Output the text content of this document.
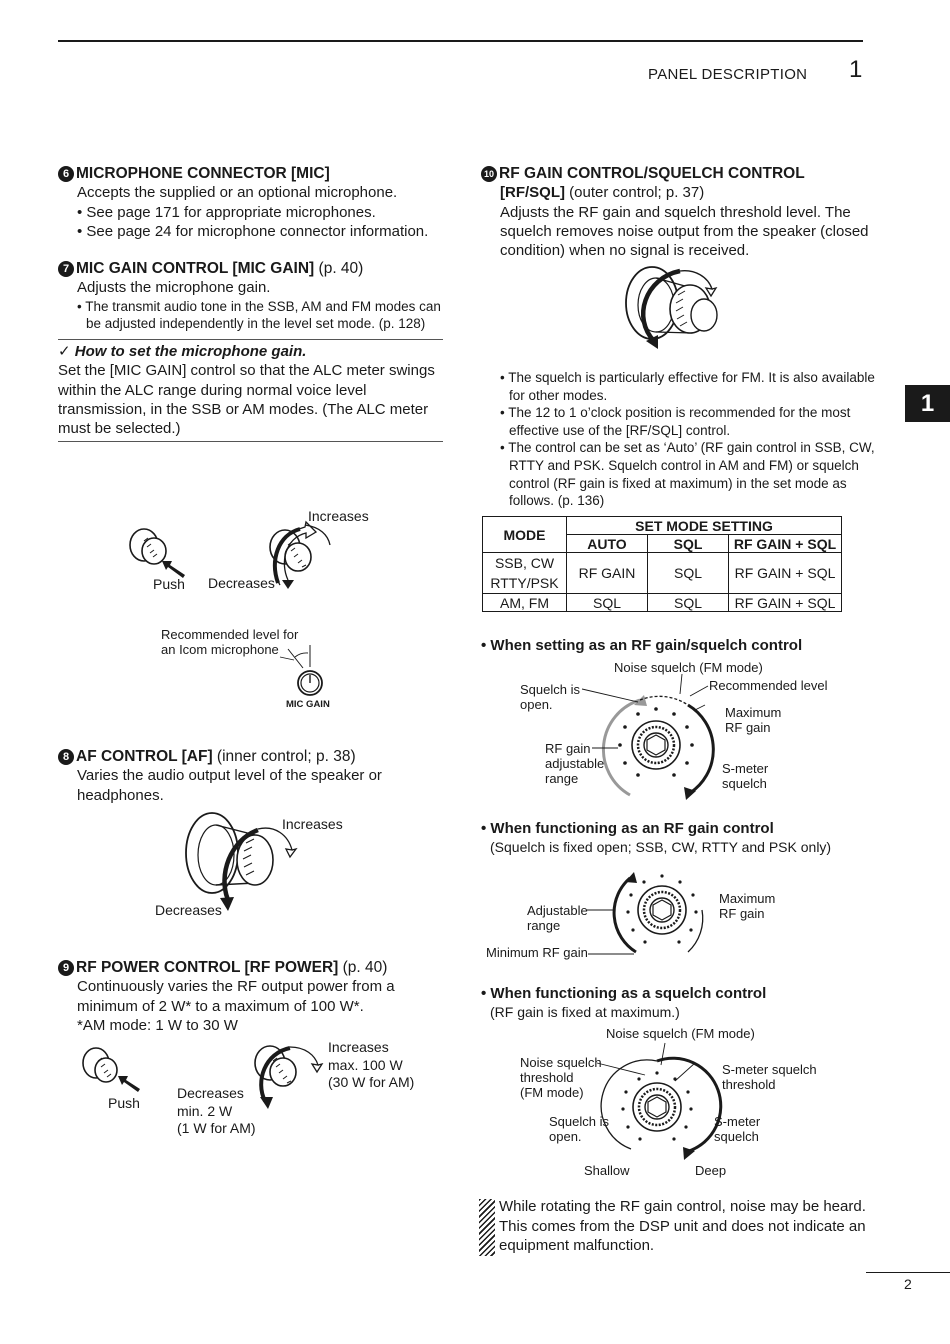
PANEL DESCRIPTION 1
1
2
6 MICROPHONE CONNECTOR [MIC]
Accepts the supplied or an optional microphone.
• See page 171 for appropriate microphones.
• See page 24 for microphone connector information.
7 MIC GAIN CONTROL [MIC GAIN] (p. 40)
Adjusts the microphone gain.
• The transmit audio tone in the SSB, AM and FM modes can be adjusted independently in the level set mode. (p. 128)
✓ How to set the microphone gain.
Set the [MIC GAIN] control so that the ALC meter swings within the ALC range during normal voice level transmission, in the SSB or AM modes. (The ALC meter must be selected.)
Increases
Decreases
Push
Recommended level for
an Icom microphone
MIC GAIN
8 AF CONTROL [AF] (inner control; p. 38)
Varies the audio output level of the speaker or headphones.
Increases
Decreases
9 RF POWER CONTROL [RF POWER] (p. 40)
Continuously varies the RF output power from a minimum of 2 W* to a maximum of 100 W*.
*AM mode: 1 W to 30 W
Push
Decreases
min. 2 W
(1 W for AM)
Increases
max. 100 W
(30 W for AM)
10 RF GAIN CONTROL/SQUELCH CONTROL
[RF/SQL] (outer control; p. 37)
Adjusts the RF gain and squelch threshold level. The squelch removes noise output from the speaker (closed condition) when no signal is received.
• The squelch is particularly effective for FM. It is also available for other modes.
• The 12 to 1 o’clock position is recommended for the most effective use of the [RF/SQL] control.
• The control can be set as ‘Auto’ (RF gain control in SSB, CW, RTTY and PSK. Squelch control in AM and FM) or squelch control (RF gain is fixed at maximum) in the set mode as follows. (p. 136)
MODE	SET MODE SETTING		
	AUTO	SQL	RF GAIN + SQL
SSB, CW
RTTY/PSK	RF GAIN	SQL	RF GAIN + SQL
AM, FM	SQL	SQL	RF GAIN + SQL
• When setting as an RF gain/squelch control
Noise squelch (FM mode)
Recommended level
Squelch is
open.
Maximum
RF gain
RF gain
adjustable
range
S-meter
squelch
• When functioning as an RF gain control
(Squelch is fixed open; SSB, CW, RTTY and PSK only)
Adjustable
range
Maximum
RF gain
Minimum RF gain
• When functioning as a squelch control
(RF gain is fixed at maximum.)
Noise squelch (FM mode)
Noise squelch
threshold
(FM mode)
S-meter squelch
threshold
Squelch is
open.
S-meter
squelch
Shallow	Deep
While rotating the RF gain control, noise may be heard. This comes from the DSP unit and does not indicate an equipment malfunction.
